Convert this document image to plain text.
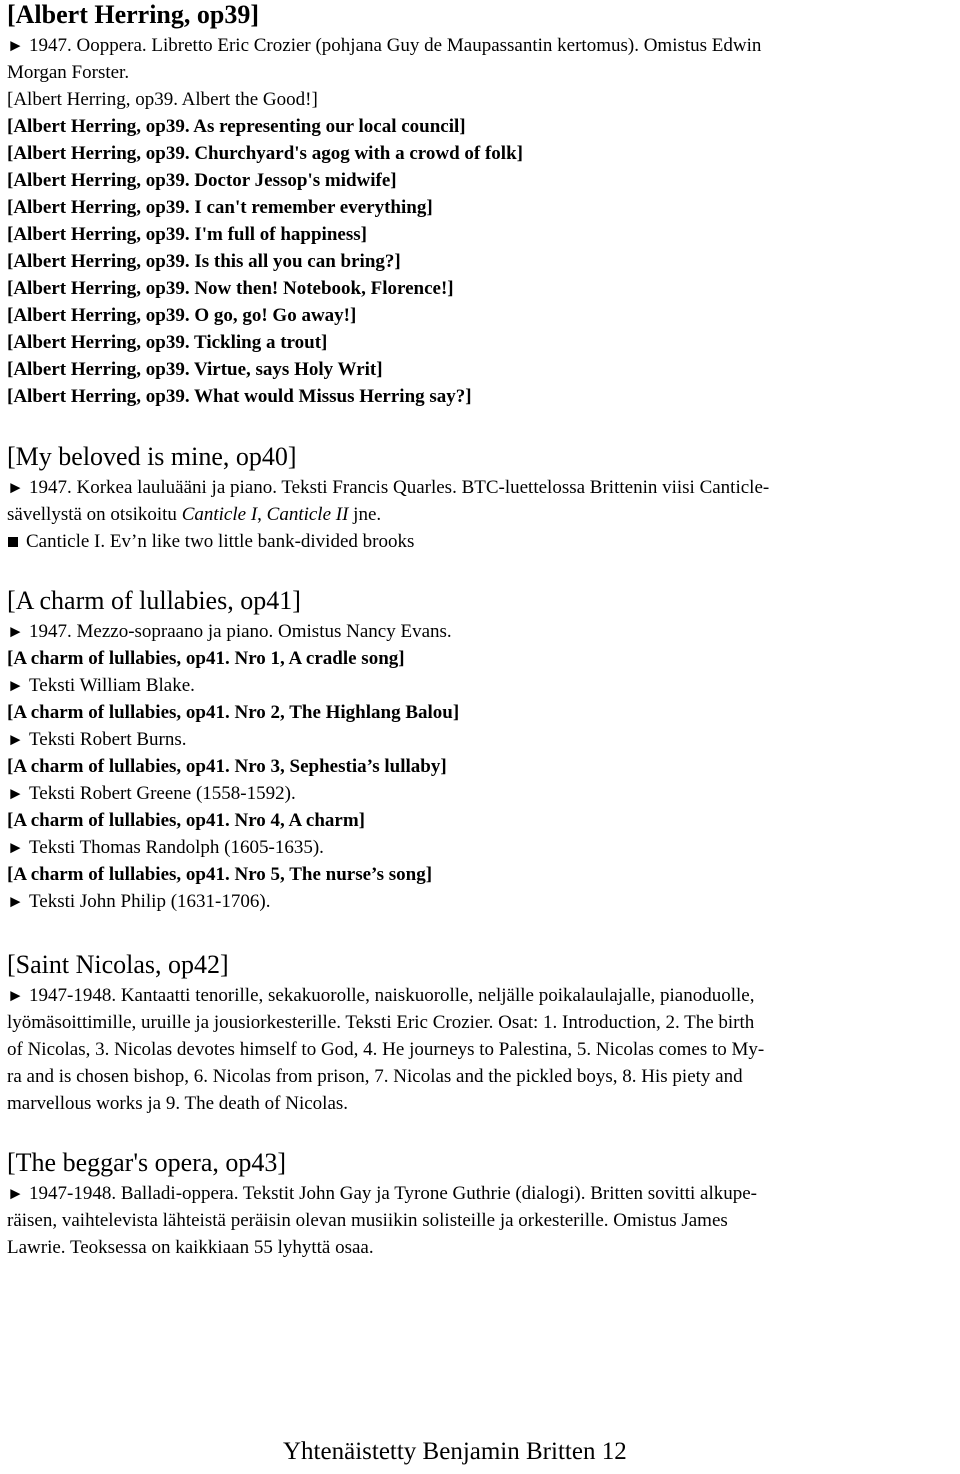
[Albert Herring, op39]

► 1947. Ooppera. Libretto Eric Crozier (pohjana Guy de Maupassantin kertomus). Omistus Edwin

Morgan Forster.

[Albert Herring, op39. Albert the Good!]

[Albert Herring, op39. As representing our local council]

[Albert Herring, op39. Churchyard's agog with a crowd of folk]

[Albert Herring, op39. Doctor Jessop's midwife]

[Albert Herring, op39. I can't remember everything]

[Albert Herring, op39. I'm full of happiness]

[Albert Herring, op39. Is this all you can bring?]

[Albert Herring, op39. Now then! Notebook, Florence!]

[Albert Herring, op39. O go, go! Go away!]

[Albert Herring, op39. Tickling a trout]

[Albert Herring, op39. Virtue, says Holy Writ]

[Albert Herring, op39. What would Missus Herring say?]

[My beloved is mine, op40]

► 1947. Korkea lauluääni ja piano. Teksti Francis Quarles. BTC-luettelossa Brittenin viisi Canticle-

sävellystä on otsikoitu Canticle I, Canticle II jne.

Canticle I. Ev’n like two little bank-divided brooks

[A charm of lullabies, op41]

► 1947. Mezzo-sopraano ja piano. Omistus Nancy Evans.

[A charm of lullabies, op41. Nro 1, A cradle song]

► Teksti William Blake.

[A charm of lullabies, op41. Nro 2, The Highlang Balou]

► Teksti Robert Burns.

[A charm of lullabies, op41. Nro 3, Sephestia’s lullaby]

► Teksti Robert Greene (1558-1592).

[A charm of lullabies, op41. Nro 4, A charm]

► Teksti Thomas Randolph (1605-1635).

[A charm of lullabies, op41. Nro 5, The nurse’s song]

► Teksti John Philip (1631-1706).

[Saint Nicolas, op42]

► 1947-1948. Kantaatti tenorille, sekakuorolle, naiskuorolle, neljälle poikalaulajalle, pianoduolle,

lyömäsoittimille, uruille ja jousiorkesterille. Teksti Eric Crozier. Osat: 1. Introduction, 2. The birth

of Nicolas, 3. Nicolas devotes himself to God, 4. He journeys to Palestina, 5. Nicolas comes to My-

ra and is chosen bishop, 6. Nicolas from prison, 7. Nicolas and the pickled boys, 8. His piety and

marvellous works ja 9. The death of Nicolas.

[The beggar's opera, op43]

► 1947-1948. Balladi-oppera. Tekstit John Gay ja Tyrone Guthrie (dialogi). Britten sovitti alkupe-

räisen, vaihtelevista lähteistä peräisin olevan musiikin solisteille ja orkesterille. Omistus James

Lawrie. Teoksessa on kaikkiaan 55 lyhyttä osaa.

Yhtenäistetty Benjamin Britten 12
